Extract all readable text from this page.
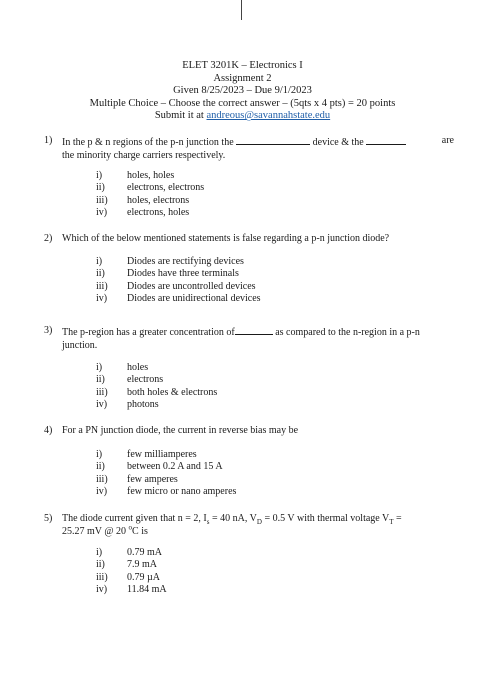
ELET 3201K – Electronics I
Assignment 2
Given 8/25/2023 – Due 9/1/2023
Multiple Choice – Choose the correct answer – (5qts x 4 pts) = 20 points
Submit it at andreous@savannahstate.edu
1) In the p & n regions of the p-n junction the	device & the	are

the minority charge carriers respectively.
i) holes, holes
ii) electrons, electrons
iii) holes, electrons
iv) electrons, holes
2) Which of the below mentioned statements is false regarding a p-n junction diode?
i) Diodes are rectifying devices
ii) Diodes have three terminals
iii) Diodes are uncontrolled devices
iv) Diodes are unidirectional devices
3) The p-region has a greater concentration of	as compared to the n-region in a p-n
junction.
i) holes
ii) electrons
iii) both holes & electrons
iv) photons
4) For a PN junction diode, the current in reverse bias may be
i) few milliamperes
ii) between 0.2 A and 15 A
iii) few amperes
iv) few micro or nano amperes
5) The diode current given that n = 2, $I_s = 40$ nA, $V_D = 0.5$ V with thermal voltage $V_T$ =
25.27 mV @ 20 $^o$C is
i) 0.79 mA
ii) 7.9 mA
iii) 0.79 µA
iv) 11.84 mA
